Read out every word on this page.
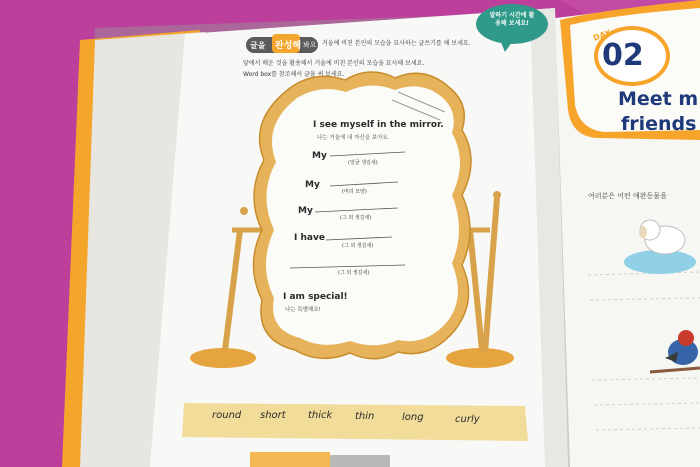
글을 완성해 봐요 거울에 비친 본인의 모습을 묘사하는 글쓰기를 해 보세요.
앞에서 배운 것을 활용해서 거울에 비친 본인의 모습을 묘사해 보세요.
Word box를 참조해서 글을 써 보세요.
말하기 시간에 활용해 보세요!
I see myself in the mirror.
나는 거울에 내 자신을 보아요.
My
(얼굴 생김새)
My
(머리 모양)
My
(그 외 생김새)
I have
(그 외 생김새)
(그 외 생김새)
I am special!
나는 특별해요!
round short thick thin	long	curly
DAY
02
Meet m
friends
여러분은 어떤 애완동물을
